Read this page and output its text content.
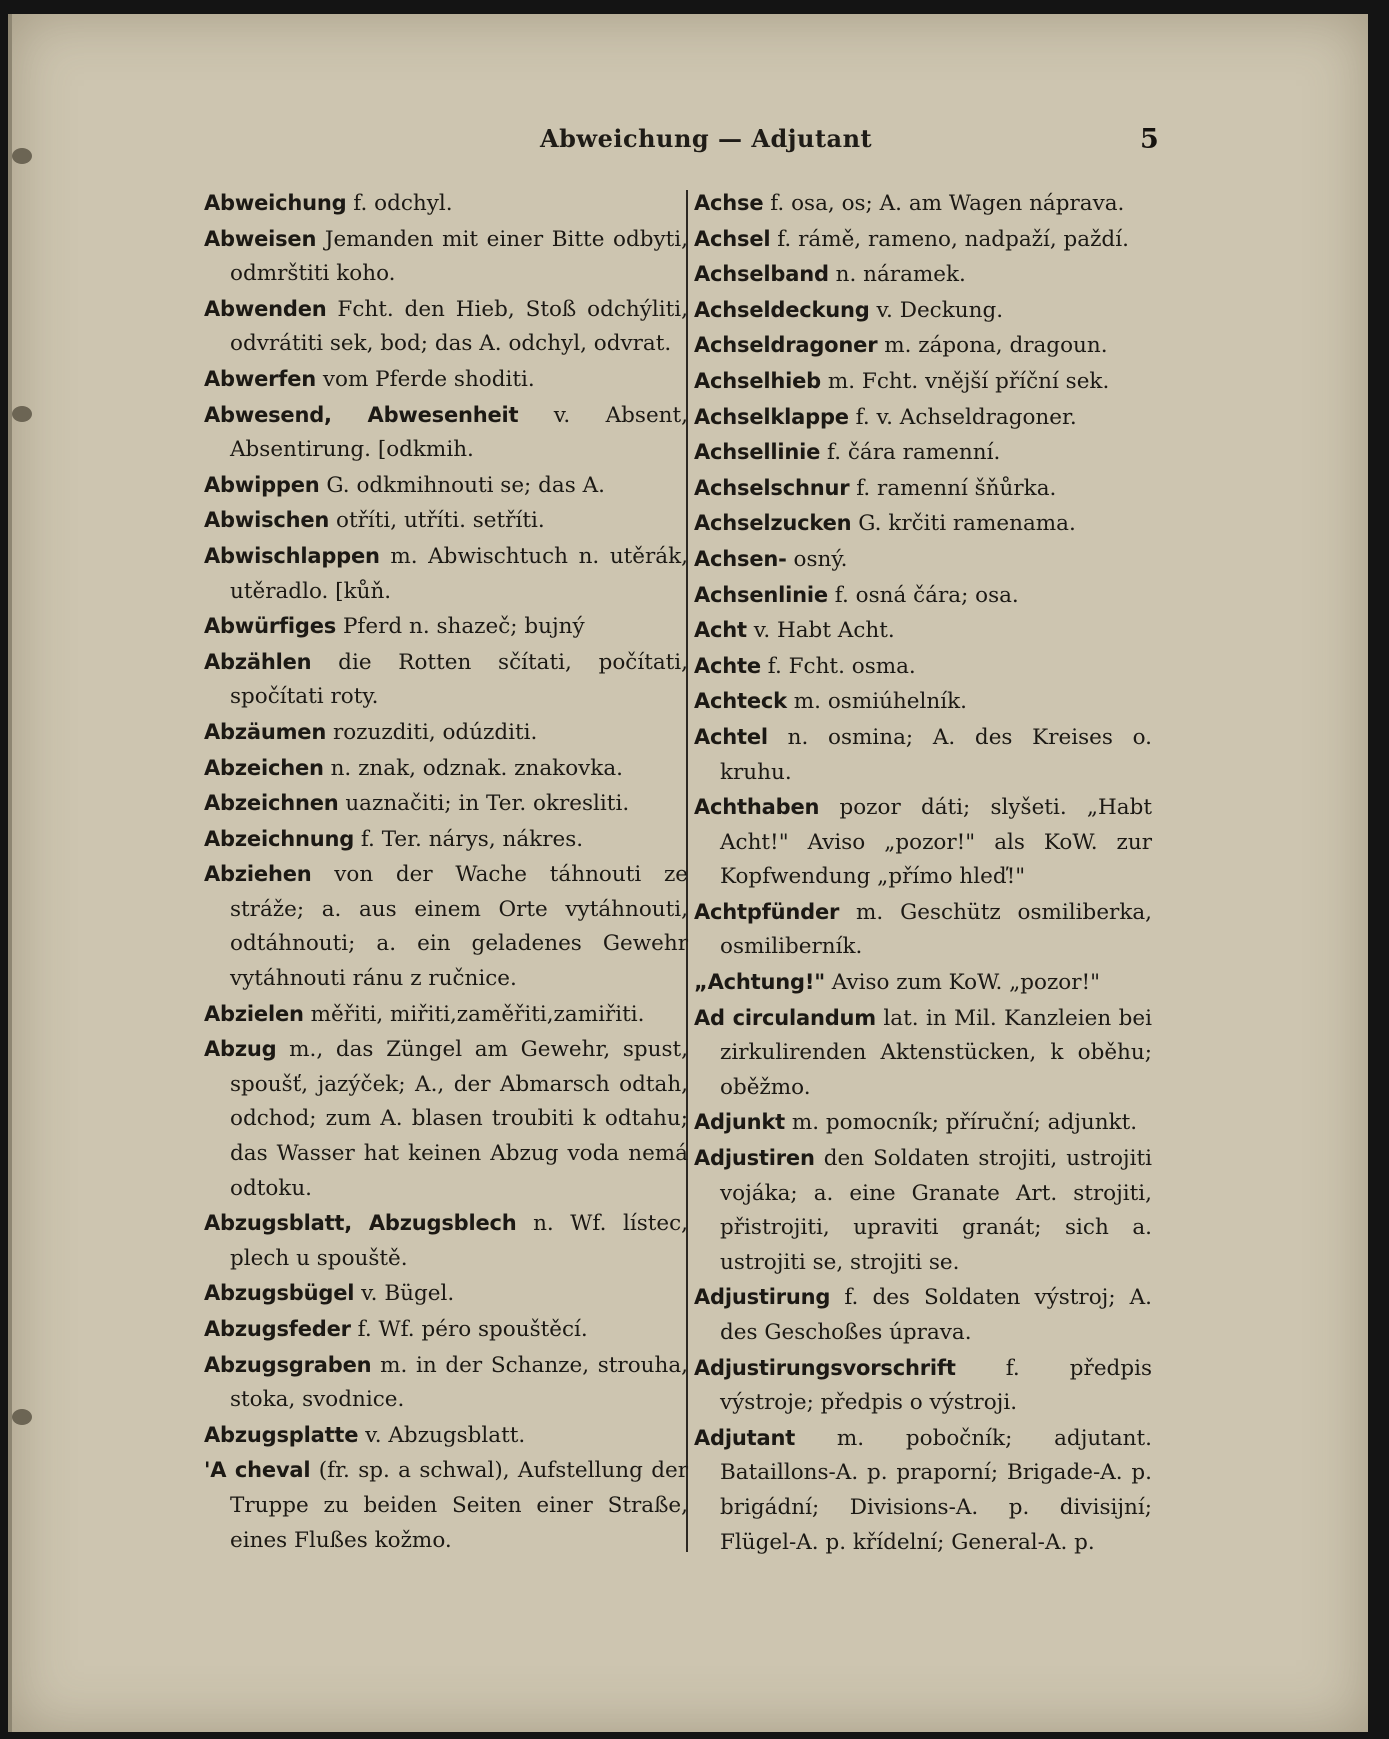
Abweichung — Adjutant	5

Abweichung f. odchyl.

Abweisen Jemanden mit einer Bitte odbyti, odmrštiti koho.

Abwenden Fcht. den Hieb, Stoß odchýliti, odvrátiti sek, bod; das A. odchyl, odvrat.

Abwerfen vom Pferde shoditi.

Abwesend, Abwesenheit v. Absent, Absentirung. [odkmih.

Abwippen G. odkmihnouti se; das A.

Abwischen otříti, utříti. setříti.

Abwischlappen m. Abwischtuch n. utěrák, utěradlo. [kůň.

Abwürfiges Pferd n. shazeč; bujný

Abzählen die Rotten sčítati, počítati, spočítati roty.

Abzäumen rozuzditi, odúzditi.

Abzeichen n. znak, odznak. znakovka.

Abzeichnen uaznačiti; in Ter. okresliti.

Abzeichnung f. Ter. nárys, nákres.

Abziehen von der Wache táhnouti ze stráže; a. aus einem Orte vytáhnouti, odtáhnouti; a. ein geladenes Gewehr vytáhnouti ránu z ručnice.

Abzielen měřiti, miřiti,zaměřiti,zamiřiti.

Abzug m., das Züngel am Gewehr, spust, spoušť, jazýček; A., der Abmarsch odtah, odchod; zum A. blasen troubiti k odtahu; das Wasser hat keinen Abzug voda nemá odtoku.

Abzugsblatt, Abzugsblech n. Wf. lístec, plech u spouště.

Abzugsbügel v. Bügel.

Abzugsfeder f. Wf. péro spouštěcí.

Abzugsgraben m. in der Schanze, strouha, stoka, svodnice.

Abzugsplatte v. Abzugsblatt.

'A cheval (fr. sp. a schwal), Aufstellung der Truppe zu beiden Seiten einer Straße, eines Flußes kožmo.

Achse f. osa, os; A. am Wagen náprava.

Achsel f. rámě, rameno, nadpaží, paždí.

Achselband n. náramek.

Achseldeckung v. Deckung.

Achseldragoner m. zápona, dragoun.

Achselhieb m. Fcht. vnější příční sek.

Achselklappe f. v. Achseldragoner.

Achsellinie f. čára ramenní.

Achselschnur f. ramenní šňůrka.

Achselzucken G. krčiti ramenama.

Achsen- osný.

Achsenlinie f. osná čára; osa.

Acht v. Habt Acht.

Achte f. Fcht. osma.

Achteck m. osmiúhelník.

Achtel n. osmina; A. des Kreises o. kruhu.

Achthaben pozor dáti; slyšeti. „Habt Acht!" Aviso „pozor!" als KoW. zur Kopfwendung „přímo hleď!"

Achtpfünder m. Geschütz osmiliberka, osmiliberník.

„Achtung!" Aviso zum KoW. „pozor!"

Ad circulandum lat. in Mil. Kanzleien bei zirkulirenden Aktenstücken, k oběhu; oběžmo.

Adjunkt m. pomocník; příruční; adjunkt.

Adjustiren den Soldaten strojiti, ustrojiti vojáka; a. eine Granate Art. strojiti, přistrojiti, upraviti granát; sich a. ustrojiti se, strojiti se.

Adjustirung f. des Soldaten výstroj; A. des Geschoßes úprava.

Adjustirungsvorschrift f. předpis výstroje; předpis o výstroji.

Adjutant m. pobočník; adjutant. Bataillons-A. p. praporní; Brigade-A. p. brigádní; Divisions-A. p. divisijní; Flügel-A. p. křídelní; General-A. p.
